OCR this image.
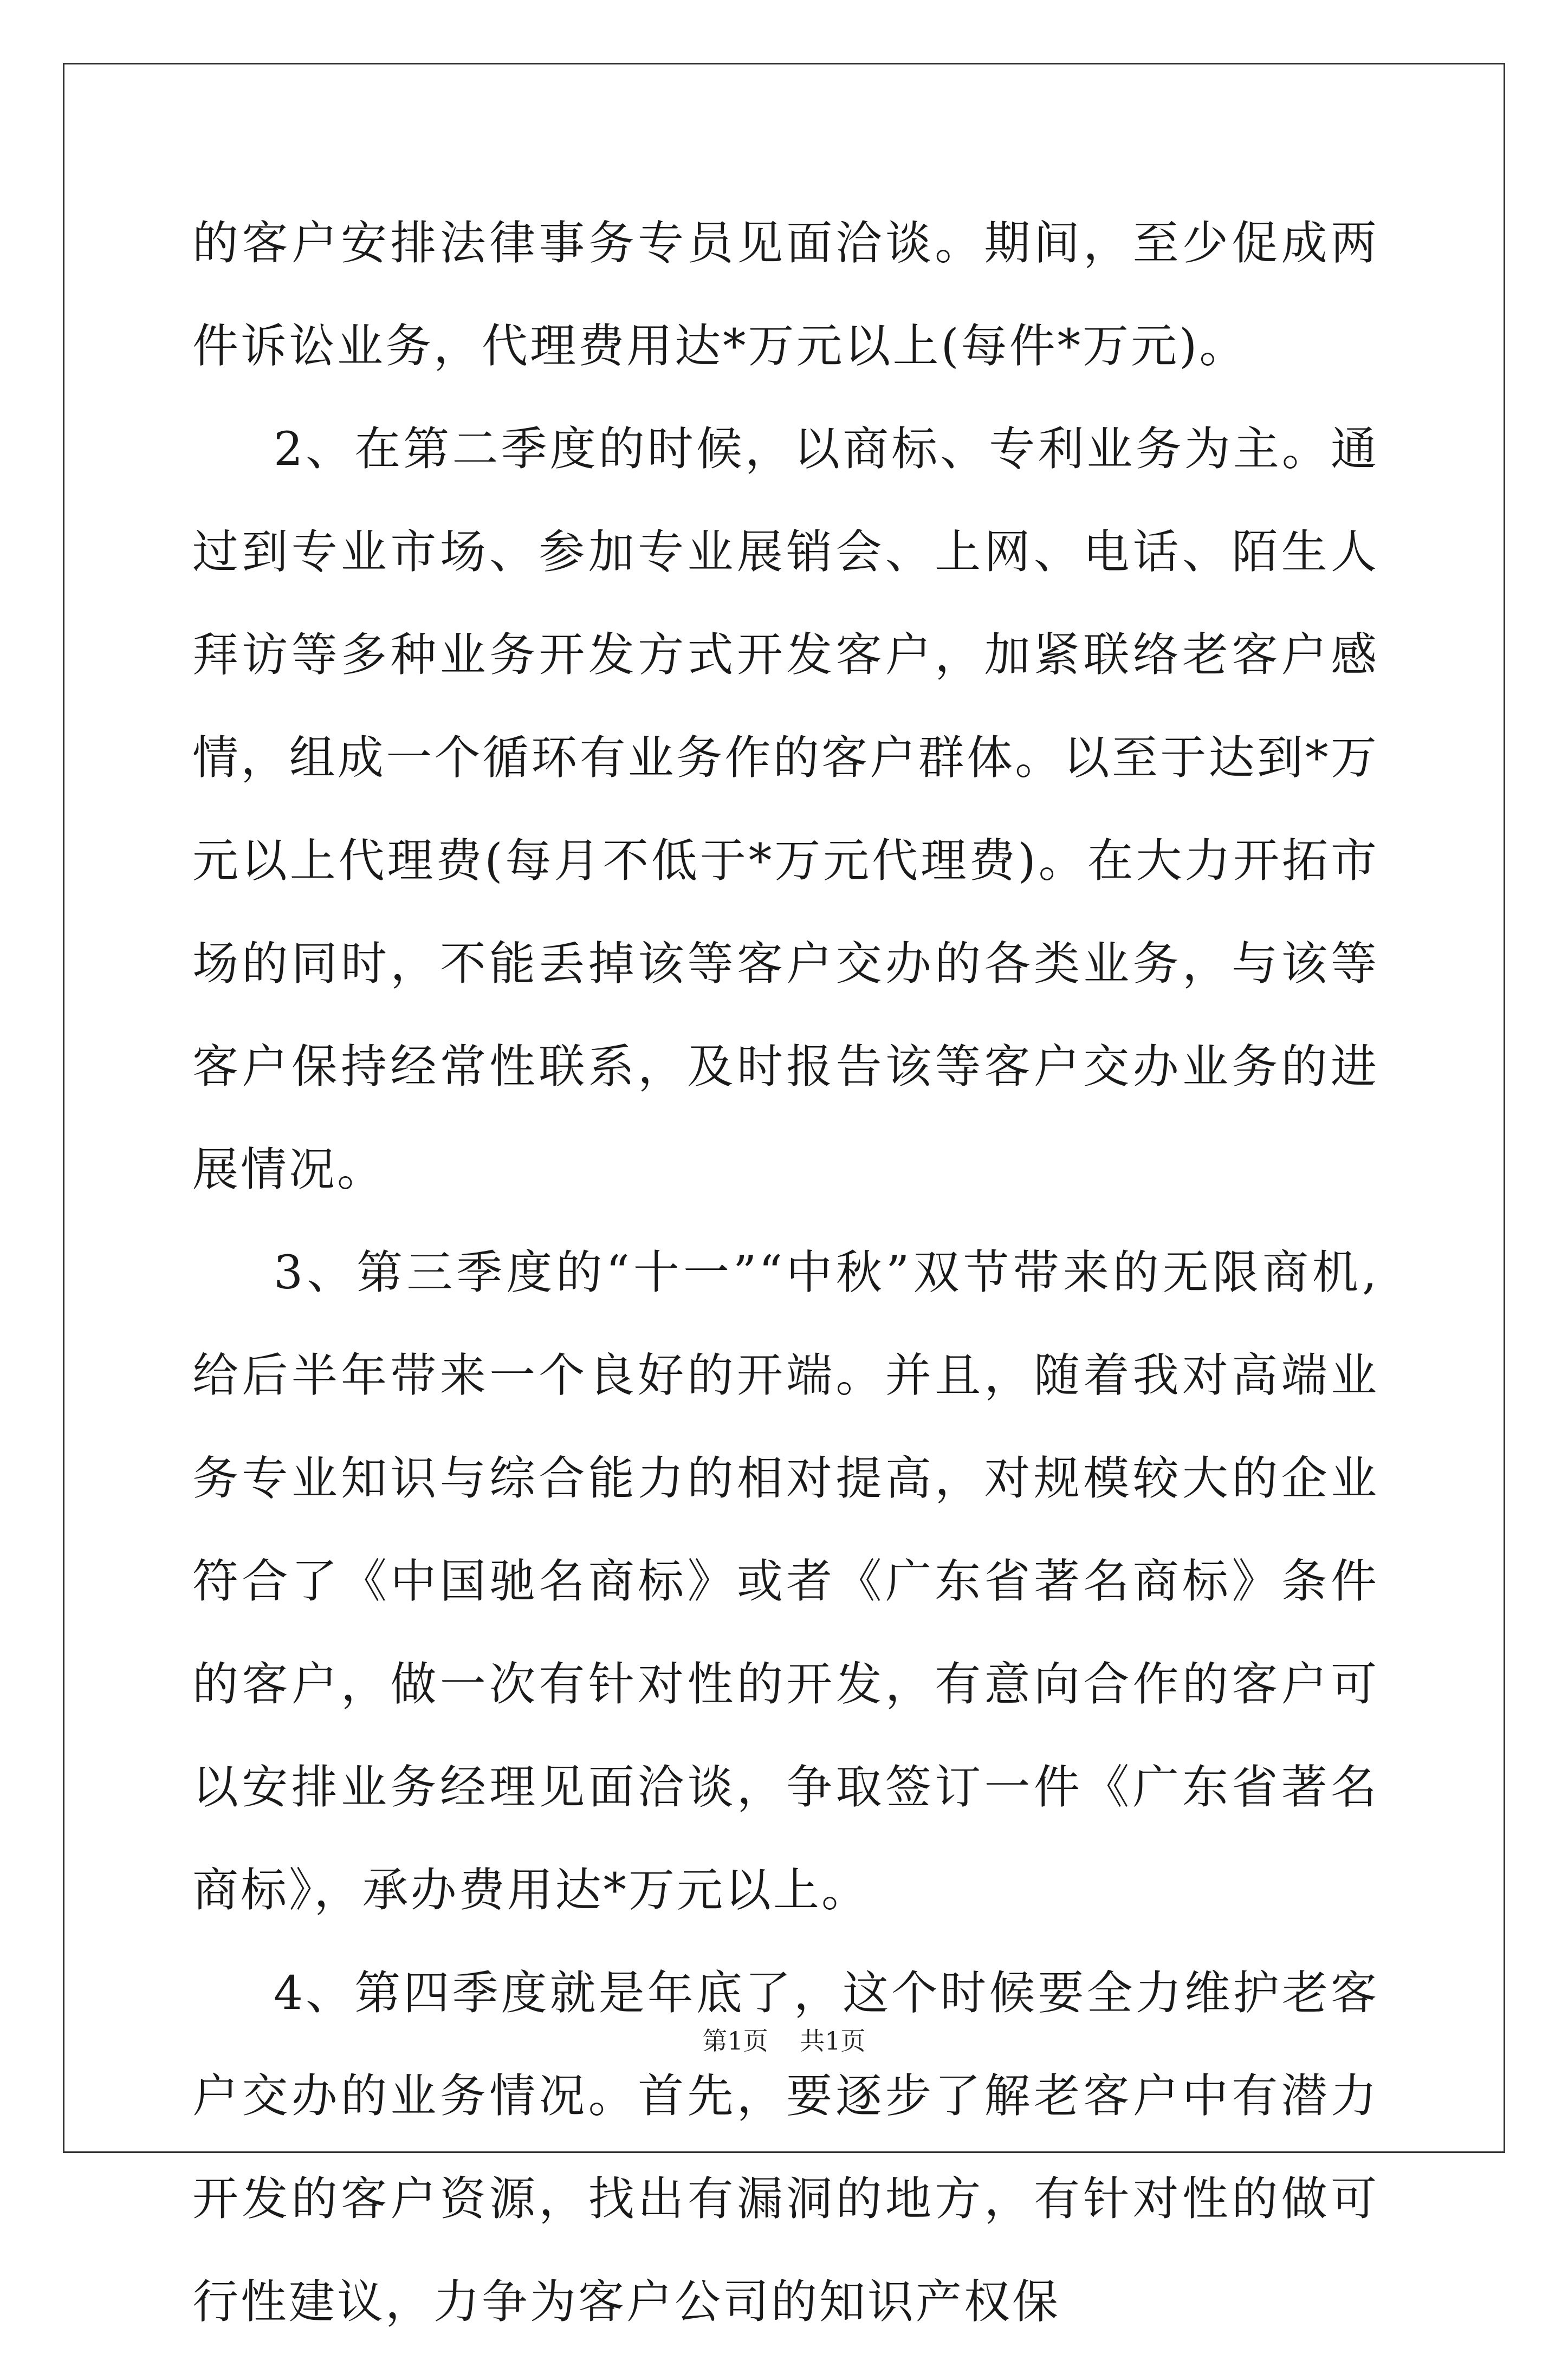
的客户安排法律事务专员见面洽谈。期间，至少促成两件诉讼业务，代理费用达*万元以上(每件*万元)。

2、在第二季度的时候，以商标、专利业务为主。通过到专业市场、参加专业展销会、上网、电话、陌生人拜访等多种业务开发方式开发客户，加紧联络老客户感情，组成一个循环有业务作的客户群体。以至于达到*万元以上代理费(每月不低于*万元代理费)。在大力开拓市场的同时，不能丢掉该等客户交办的各类业务，与该等客户保持经常性联系，及时报告该等客户交办业务的进展情况。

3、第三季度的“十一”“中秋”双节带来的无限商机,给后半年带来一个良好的开端。并且，随着我对高端业务专业知识与综合能力的相对提高，对规模较大的企业符合了《中国驰名商标》或者《广东省著名商标》条件的客户，做一次有针对性的开发，有意向合作的客户可以安排业务经理见面洽谈，争取签订一件《广东省著名商标》，承办费用达*万元以上。

4、第四季度就是年底了，这个时候要全力维护老客户交办的业务情况。首先，要逐步了解老客户中有潜力开发的客户资源，找出有漏洞的地方，有针对性的做可行性建议，力争为客户公司的知识产权保

第1页 共1页
